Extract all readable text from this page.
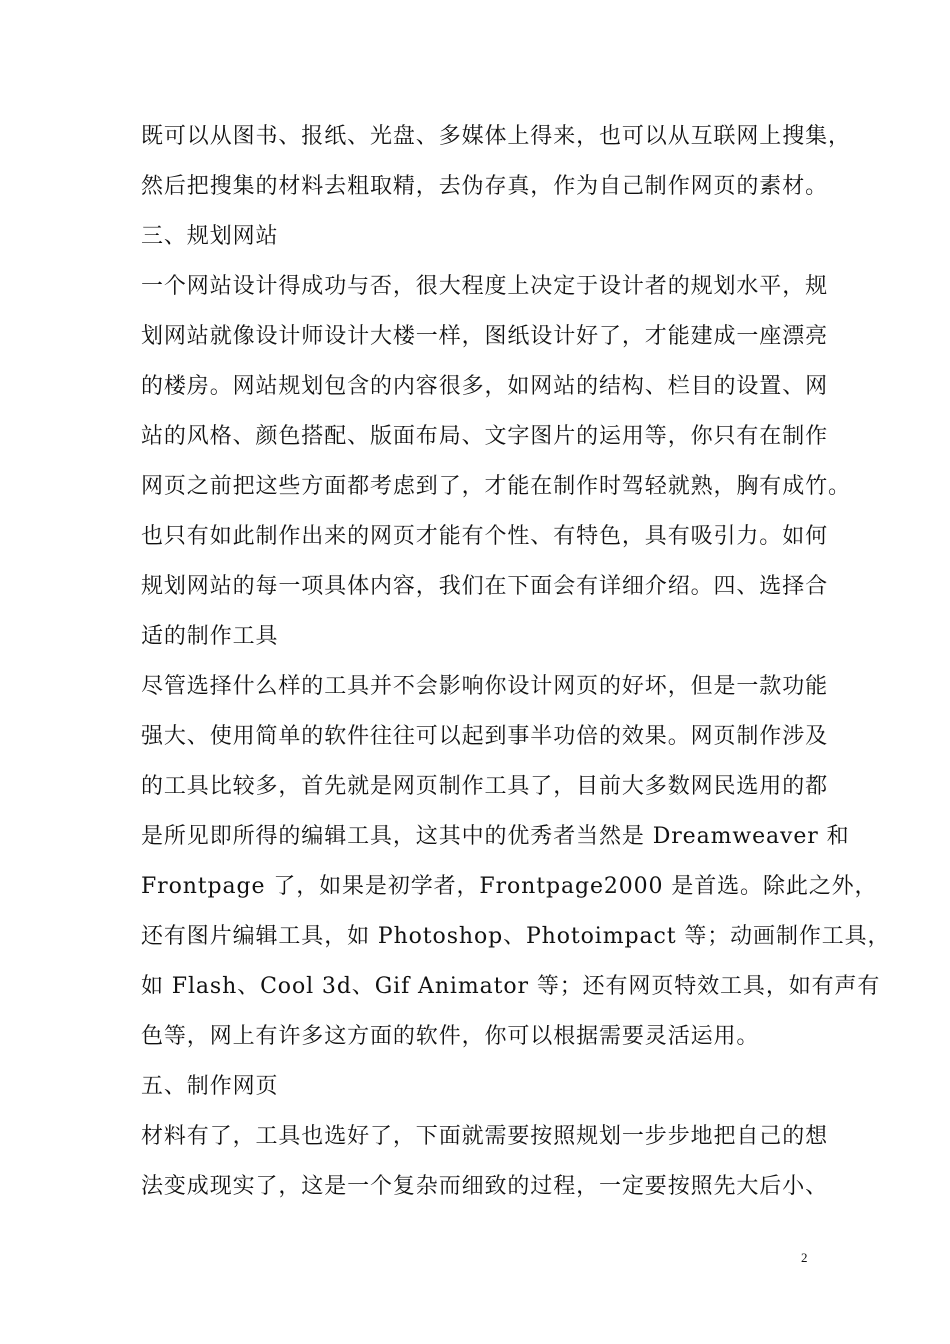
既可以从图书、报纸、光盘、多媒体上得来，也可以从互联网上搜集，
然后把搜集的材料去粗取精，去伪存真，作为自己制作网页的素材。
三、规划网站
一个网站设计得成功与否，很大程度上决定于设计者的规划水平，规
划网站就像设计师设计大楼一样，图纸设计好了，才能建成一座漂亮
的楼房。网站规划包含的内容很多，如网站的结构、栏目的设置、网
站的风格、颜色搭配、版面布局、文字图片的运用等，你只有在制作
网页之前把这些方面都考虑到了，才能在制作时驾轻就熟，胸有成竹。
也只有如此制作出来的网页才能有个性、有特色，具有吸引力。如何
规划网站的每一项具体内容，我们在下面会有详细介绍。四、选择合
适的制作工具
尽管选择什么样的工具并不会影响你设计网页的好坏，但是一款功能
强大、使用简单的软件往往可以起到事半功倍的效果。网页制作涉及
的工具比较多，首先就是网页制作工具了，目前大多数网民选用的都
是所见即所得的编辑工具，这其中的优秀者当然是 Dreamweaver 和
Frontpage 了，如果是初学者，Frontpage2000 是首选。除此之外，
还有图片编辑工具，如 Photoshop、Photoimpact 等；动画制作工具，
如 Flash、Cool 3d、Gif Animator 等；还有网页特效工具，如有声有
色等，网上有许多这方面的软件，你可以根据需要灵活运用。
五、制作网页
材料有了，工具也选好了，下面就需要按照规划一步步地把自己的想
法变成现实了，这是一个复杂而细致的过程，一定要按照先大后小、
2
